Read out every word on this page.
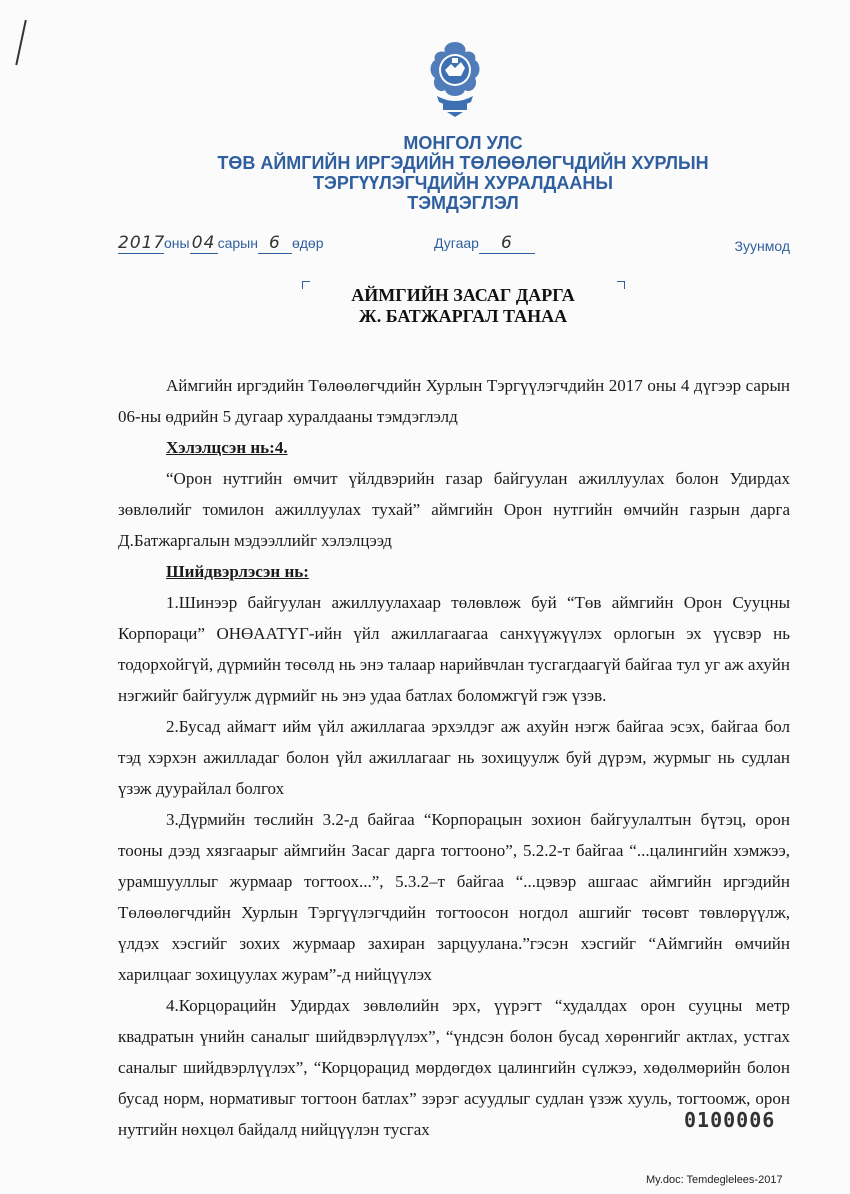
МОНГОЛ УЛС
ТӨВ АЙМГИЙН ИРГЭДИЙН ТӨЛӨӨЛӨГЧДИЙН ХУРЛЫН
ТЭРГҮҮЛЭГЧДИЙН ХУРАЛДААНЫ
ТЭМДЭГЛЭЛ
2017оны 04 сарын 6 өдөр	Дугаар 6	Зуунмод
АЙМГИЙН ЗАСАГ ДАРГА
Ж. БАТЖАРГАЛ ТАНАА

Аймгийн иргэдийн Төлөөлөгчдийн Хурлын Тэргүүлэгчдийн 2017 оны 4 дүгээр сарын 06-ны өдрийн 5 дугаар хуралдааны тэмдэглэлд

Хэлэлцсэн нь:4.

“Орон нутгийн өмчит үйлдвэрийн газар байгуулан ажиллуулах болон Удирдах зөвлөлийг томилон ажиллуулах тухай” аймгийн Орон нутгийн өмчийн газрын дарга Д.Батжаргалын мэдээллийг хэлэлцээд

Шийдвэрлэсэн нь:

1.Шинээр байгуулан ажиллуулахаар төлөвлөж буй “Төв аймгийн Орон Сууцны Корпораци” ОНӨААТҮГ-ийн үйл ажиллагаагаа санхүүжүүлэх орлогын эх үүсвэр нь тодорхойгүй, дүрмийн төсөлд нь энэ талаар нарийвчлан тусгагдаагүй байгаа тул уг аж ахуйн нэгжийг байгуулж дүрмийг нь энэ удаа батлах боломжгүй гэж үзэв.

2.Бусад аймагт ийм үйл ажиллагаа эрхэлдэг аж ахуйн нэгж байгаа эсэх, байгаа бол тэд хэрхэн ажилладаг болон үйл ажиллагааг нь зохицуулж буй дүрэм, журмыг нь судлан үзэж дуурайлал болгох

3.Дүрмийн төслийн 3.2-д байгаа “Корпорацын зохион байгуулалтын бүтэц, орон тооны дээд хязгаарыг аймгийн Засаг дарга тогтооно”, 5.2.2-т байгаа “...цалингийн хэмжээ, урамшууллыг журмаар тогтоох...”, 5.3.2–т байгаа “...цэвэр ашгаас аймгийн иргэдийн Төлөөлөгчдийн Хурлын Тэргүүлэгчдийн тогтоосон ногдол ашгийг төсөвт төвлөрүүлж, үлдэх хэсгийг зохих журмаар захиран зарцуулана.”гэсэн хэсгийг “Аймгийн өмчийн харилцааг зохицуулах журам”-д нийцүүлэх

4.Корцорацийн Удирдах зөвлөлийн эрх, үүрэгт “худалдах орон сууцны метр квадратын үнийн саналыг шийдвэрлүүлэх”, “үндсэн болон бусад хөрөнгийг актлах, устгах саналыг шийдвэрлүүлэх”, “Корцорацид мөрдөгдөх цалингийн сүлжээ, хөдөлмөрийн болон бусад норм, нормативыг тогтоон батлах” зэрэг асуудлыг судлан үзэж хууль, тогтоомж, орон нутгийн нөхцөл байдалд нийцүүлэн тусгах	0100006
My.doc: Temdeglelees-2017
